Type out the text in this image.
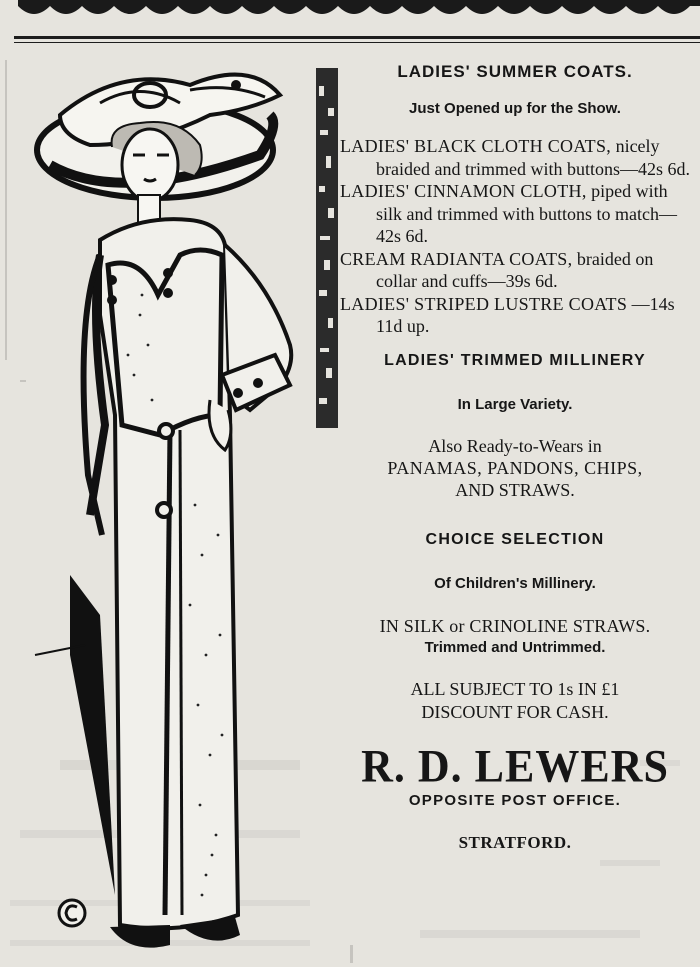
LADIES' SUMMER COATS.
Just Opened up for the Show.

LADIES' BLACK CLOTH COATS, nicely braided and trimmed with buttons—42s 6d.

LADIES' CINNAMON CLOTH, piped with silk and trimmed with buttons to match—42s 6d.

CREAM RADIANTA COATS, braided on collar and cuffs—39s 6d.

LADIES' STRIPED LUSTRE COATS —14s 11d up.

LADIES' TRIMMED MILLINERY
In Large Variety.
Also Ready-to-Wears in
PANAMAS, PANDONS, CHIPS,
AND STRAWS.
CHOICE SELECTION
Of Children's Millinery.
IN SILK or CRINOLINE STRAWS.
Trimmed and Untrimmed.
ALL SUBJECT TO 1s IN £1
DISCOUNT FOR CASH.
R. D. LEWERS
OPPOSITE POST OFFICE.
STRATFORD.
